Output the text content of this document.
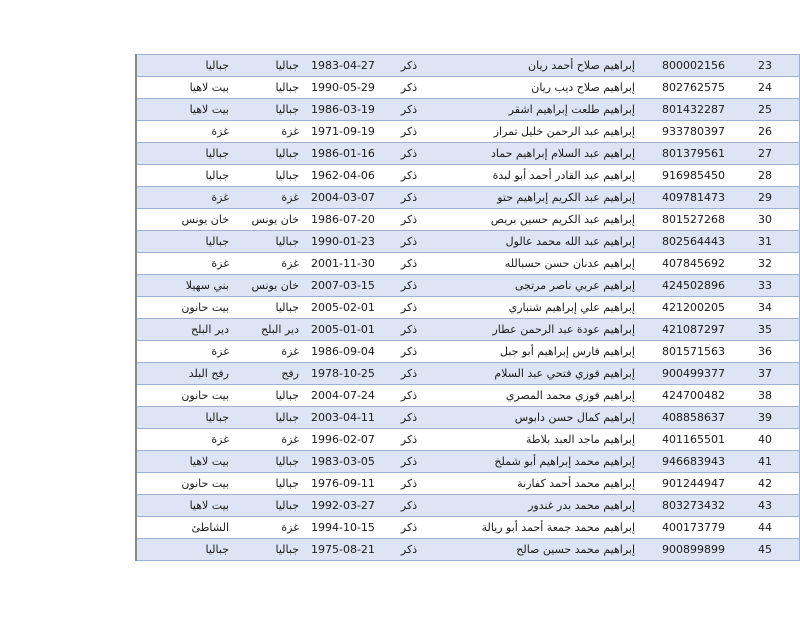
جباليا	جباليا	1983-04-27	ذكر	إبراهيم صلاح أحمد ريان	800002156	23
بيت لاهيا	جباليا	1990-05-29	ذكر	إبراهيم صلاح ديب ريان	802762575	24
بيت لاهيا	جباليا	1986-03-19	ذكر	إبراهيم طلعت إبراهيم اشقر	801432287	25
غزة	غزة	1971-09-19	ذكر	إبراهيم عبد الرحمن خليل تمراز	933780397	26
جباليا	جباليا	1986-01-16	ذكر	إبراهيم عبد السلام إبراهيم حماد	801379561	27
جباليا	جباليا	1962-04-06	ذكر	إبراهيم عبد القادر أحمد أبو لبدة	916985450	28
غزة	غزة	2004-03-07	ذكر	إبراهيم عبد الكريم إبراهيم حتو	409781473	29
خان يونس	خان يونس	1986-07-20	ذكر	إبراهيم عبد الكريم حسين بريص	801527268	30
جباليا	جباليا	1990-01-23	ذكر	إبراهيم عبد الله محمد عالول	802564443	31
غزة	غزة	2001-11-30	ذكر	إبراهيم عدنان حسن حسبالله	407845692	32
بني سهيلا	خان يونس	2007-03-15	ذكر	إبراهيم عربي ناصر مرتجى	424502896	33
بيت حانون	جباليا	2005-02-01	ذكر	إبراهيم علي إبراهيم شنباري	421200205	34
دير البلح	دير البلح	2005-01-01	ذكر	إبراهيم عودة عبد الرحمن عطار	421087297	35
غزة	غزة	1986-09-04	ذكر	إبراهيم فارس إبراهيم أبو جبل	801571563	36
رفح البلد	رفح	1978-10-25	ذكر	إبراهيم فوزي فتحي عبد السلام	900499377	37
بيت حانون	جباليا	2004-07-24	ذكر	إبراهيم فوزي محمد المصري	424700482	38
جباليا	جباليا	2003-04-11	ذكر	إبراهيم كمال حسن دابوس	408858637	39
غزة	غزة	1996-02-07	ذكر	إبراهيم ماجد العبد بلاطة	401165501	40
بيت لاهيا	جباليا	1983-03-05	ذكر	إبراهيم محمد إبراهيم أبو شملخ	946683943	41
بيت حانون	جباليا	1976-09-11	ذكر	إبراهيم محمد أحمد كفارنة	901244947	42
بيت لاهيا	جباليا	1992-03-27	ذكر	إبراهيم محمد بدر غندور	803273432	43
الشاطئ	غزة	1994-10-15	ذكر	إبراهيم محمد جمعة أحمد أبو ريالة	400173779	44
جباليا	جباليا	1975-08-21	ذكر	إبراهيم محمد حسين صالح	900899899	45
